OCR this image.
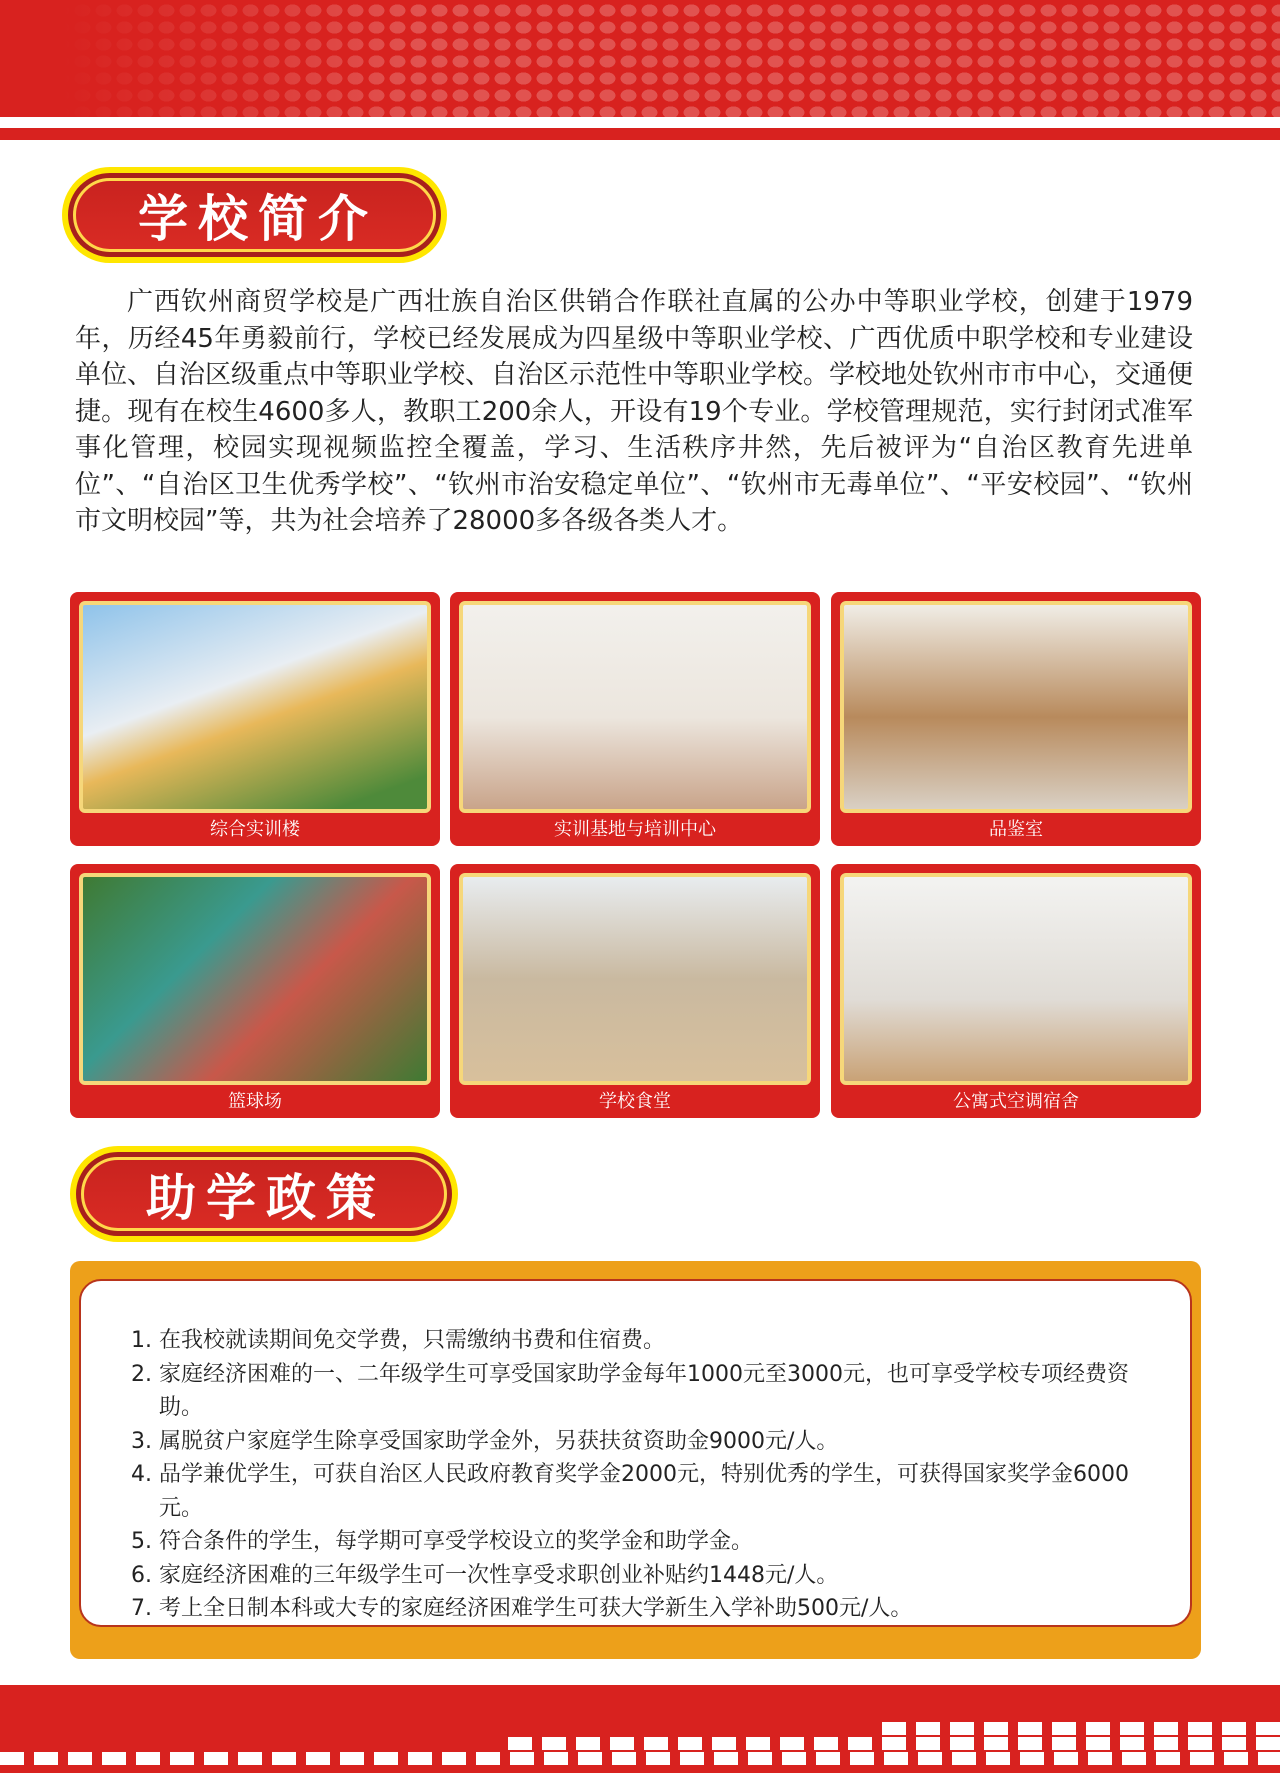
学校简介

广西钦州商贸学校是广西壮族自治区供销合作联社直属的公办中等职业学校，创建于1979年，历经45年勇毅前行，学校已经发展成为四星级中等职业学校、广西优质中职学校和专业建设单位、自治区级重点中等职业学校、自治区示范性中等职业学校。学校地处钦州市市中心，交通便捷。现有在校生4600多人，教职工200余人，开设有19个专业。学校管理规范，实行封闭式准军事化管理，校园实现视频监控全覆盖，学习、生活秩序井然，先后被评为“自治区教育先进单位”、“自治区卫生优秀学校”、“钦州市治安稳定单位”、“钦州市无毒单位”、“平安校园”、“钦州市文明校园”等，共为社会培养了28000多各级各类人才。

综合实训楼	实训基地与培训中心	品鉴室
篮球场	学校食堂	公寓式空调宿舍
助学政策
1. 在我校就读期间免交学费，只需缴纳书费和住宿费。
2. 家庭经济困难的一、二年级学生可享受国家助学金每年1000元至3000元，也可享受学校专项经费资助。
3. 属脱贫户家庭学生除享受国家助学金外，另获扶贫资助金9000元/人。
4. 品学兼优学生，可获自治区人民政府教育奖学金2000元，特别优秀的学生，可获得国家奖学金6000元。
5. 符合条件的学生，每学期可享受学校设立的奖学金和助学金。
6. 家庭经济困难的三年级学生可一次性享受求职创业补贴约1448元/人。
7. 考上全日制本科或大专的家庭经济困难学生可获大学新生入学补助500元/人。
